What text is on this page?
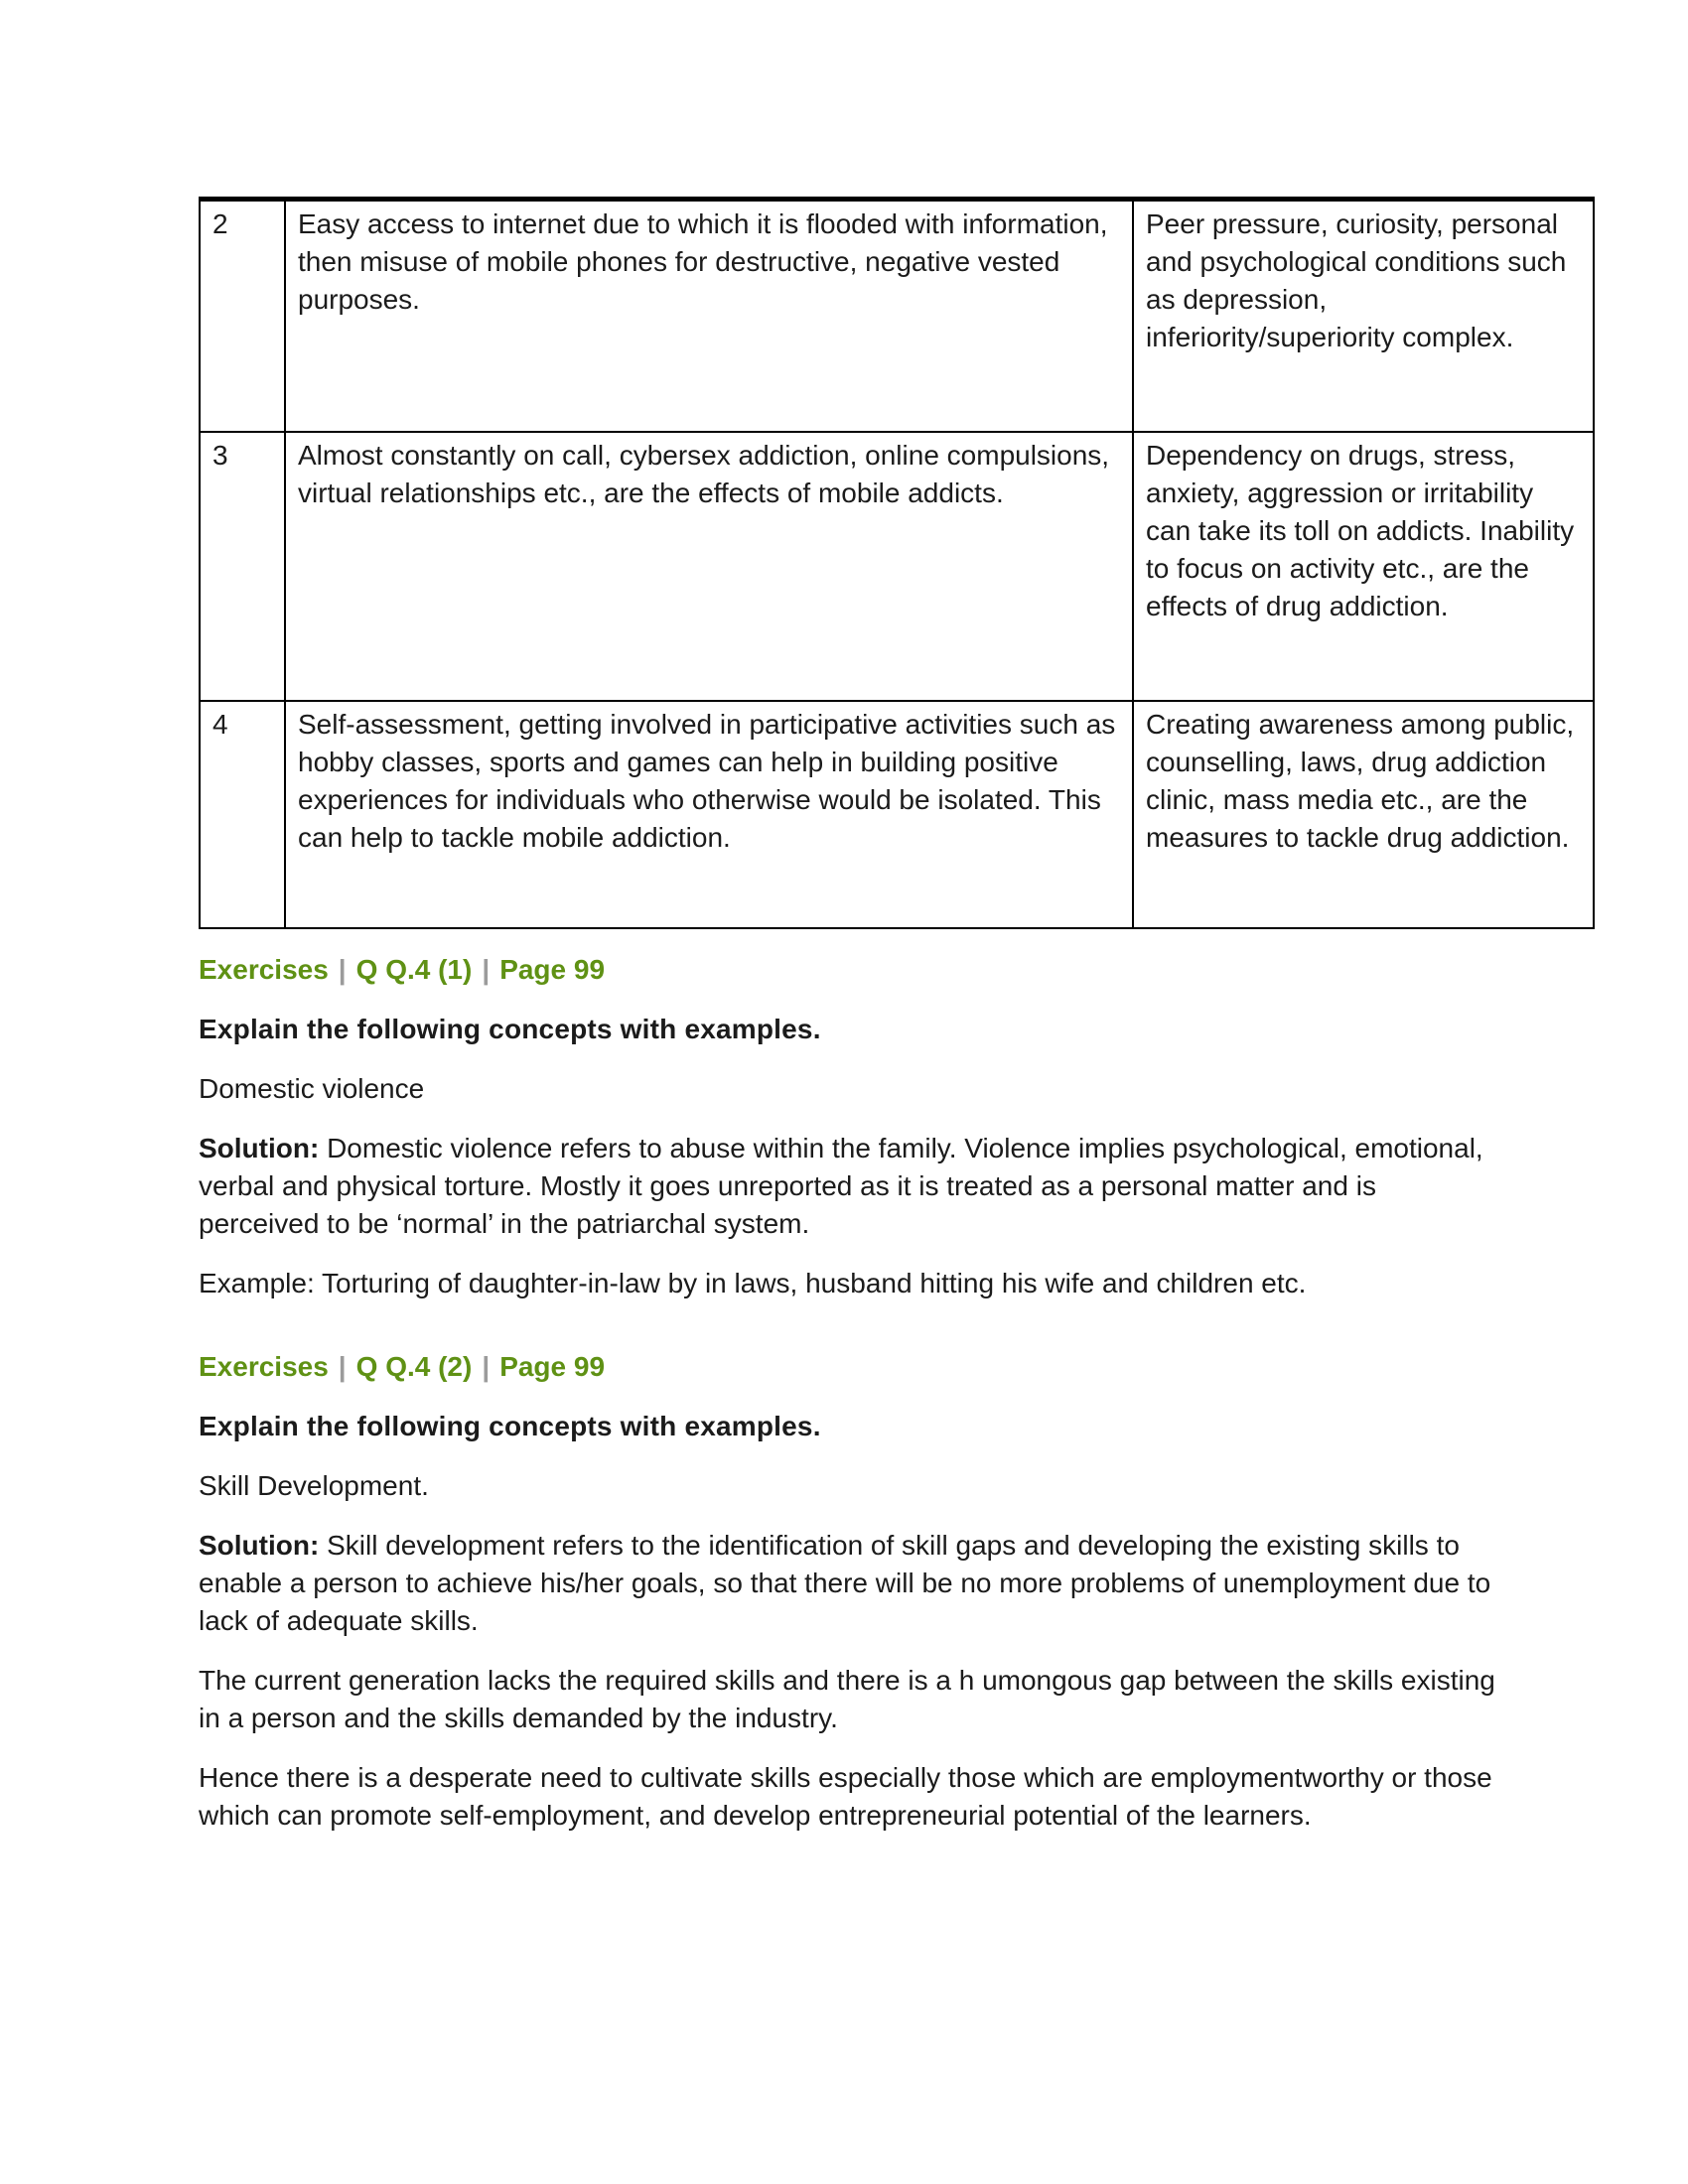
2	Easy access to internet due to which it is flooded with information, then misuse of mobile phones for destructive, negative vested purposes.	Peer pressure, curiosity, personal and psychological conditions such as depression, inferiority/superiority complex.
3	Almost constantly on call, cybersex addiction, online compulsions, virtual relationships etc., are the effects of mobile addicts.	Dependency on drugs, stress, anxiety, aggression or irritability can take its toll on addicts. Inability to focus on activity etc., are the effects of drug addiction.
4	Self-assessment, getting involved in participative activities such as hobby classes, sports and games can help in building positive experiences for individuals who otherwise would be isolated. This can help to tackle mobile addiction.	Creating awareness among public, counselling, laws, drug addiction clinic, mass media etc., are the measures to tackle drug addiction.
Exercises | Q Q.4 (1) | Page 99

Explain the following concepts with examples.

Domestic violence

Solution: Domestic violence refers to abuse within the family. Violence implies psychological, emotional, verbal and physical torture. Mostly it goes unreported as it is treated as a personal matter and is perceived to be ‘normal’ in the patriarchal system.

Example: Torturing of daughter-in-law by in laws, husband hitting his wife and children etc.

Exercises | Q Q.4 (2) | Page 99

Explain the following concepts with examples.

Skill Development.

Solution: Skill development refers to the identification of skill gaps and developing the existing skills to enable a person to achieve his/her goals, so that there will be no more problems of unemployment due to lack of adequate skills.

The current generation lacks the required skills and there is a h umongous gap between the skills existing in a person and the skills demanded by the industry.

Hence there is a desperate need to cultivate skills especially those which are employmentworthy or those which can promote self-employment, and develop entrepreneurial potential of the learners.
